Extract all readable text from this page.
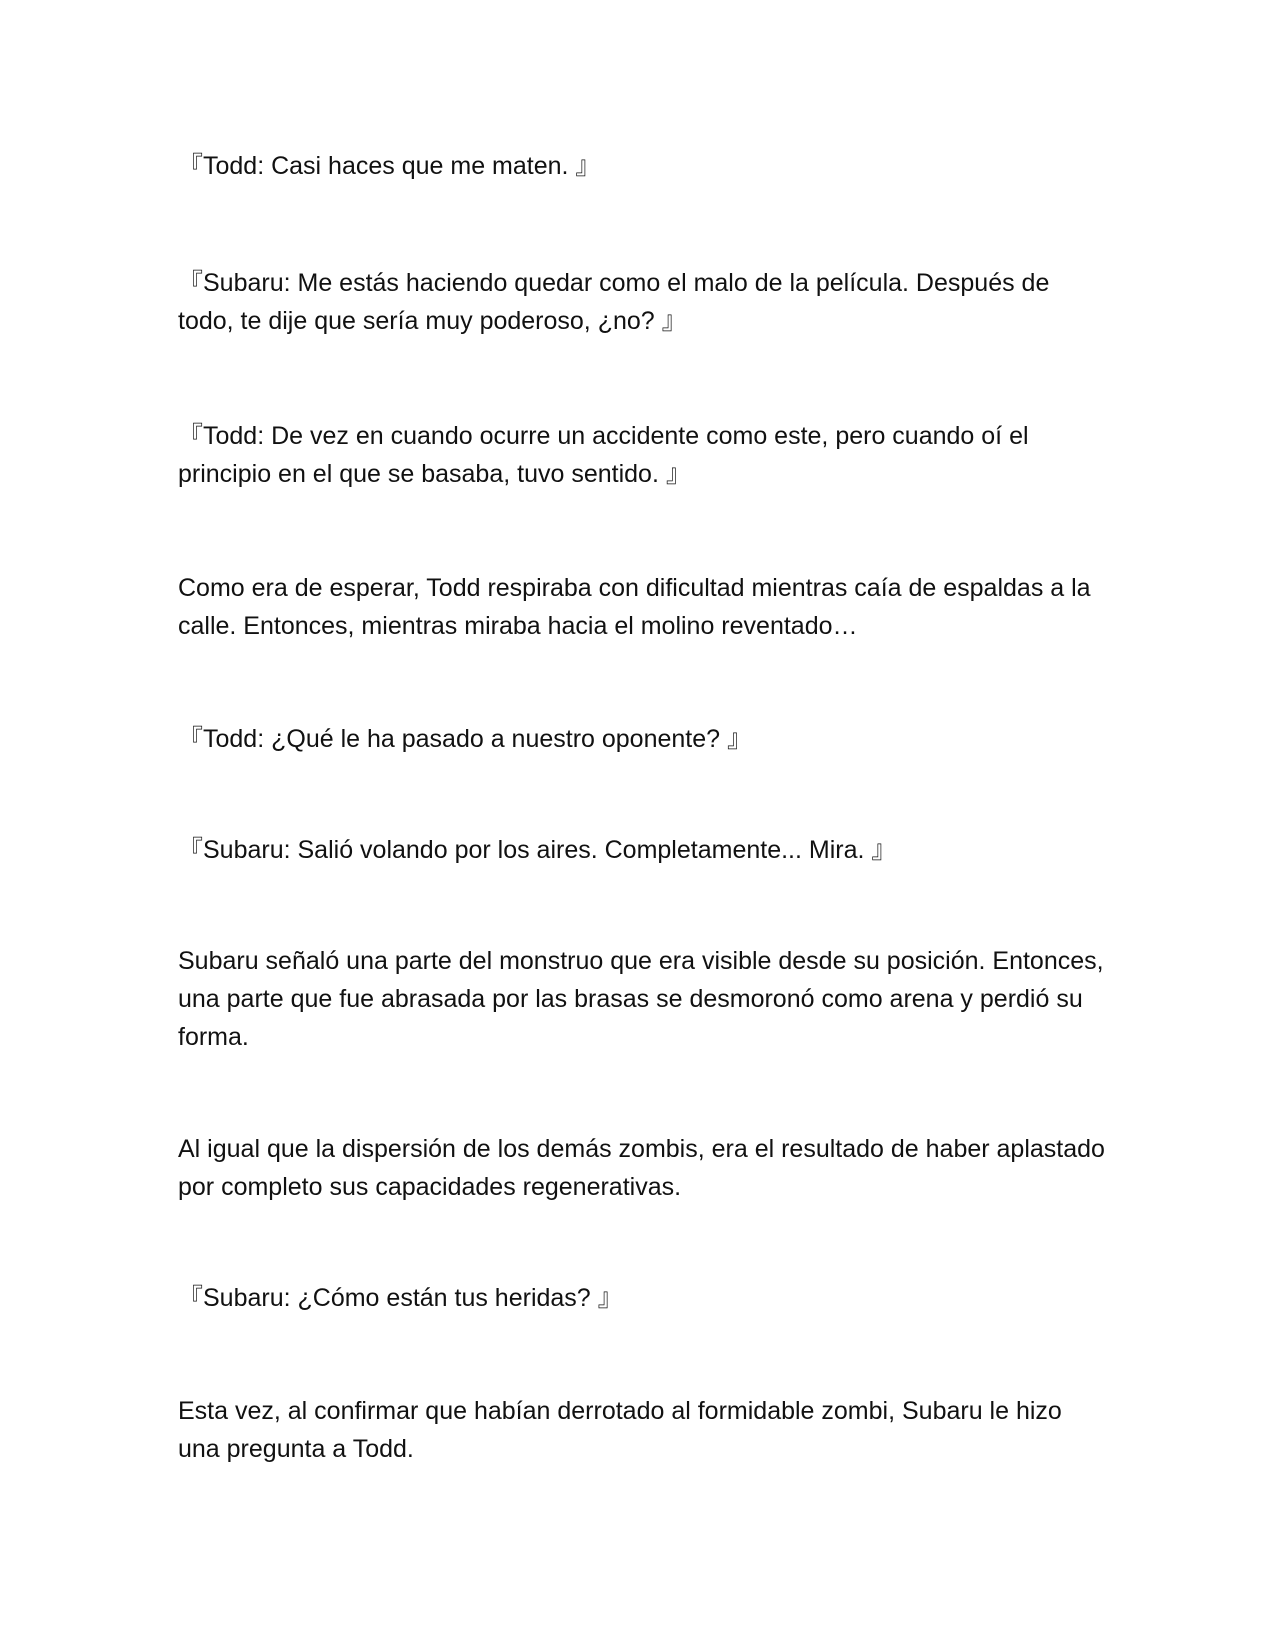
『Todd: Casi haces que me maten. 』

『Subaru: Me estás haciendo quedar como el malo de la película. Después de todo, te dije que sería muy poderoso, ¿no? 』

『Todd: De vez en cuando ocurre un accidente como este, pero cuando oí el principio en el que se basaba, tuvo sentido. 』

Como era de esperar, Todd respiraba con dificultad mientras caía de espaldas a la calle. Entonces, mientras miraba hacia el molino reventado…

『Todd: ¿Qué le ha pasado a nuestro oponente? 』

『Subaru: Salió volando por los aires. Completamente... Mira. 』

Subaru señaló una parte del monstruo que era visible desde su posición. Entonces, una parte que fue abrasada por las brasas se desmoronó como arena y perdió su forma.

Al igual que la dispersión de los demás zombis, era el resultado de haber aplastado por completo sus capacidades regenerativas.

『Subaru: ¿Cómo están tus heridas? 』

Esta vez, al confirmar que habían derrotado al formidable zombi, Subaru le hizo una pregunta a Todd.
